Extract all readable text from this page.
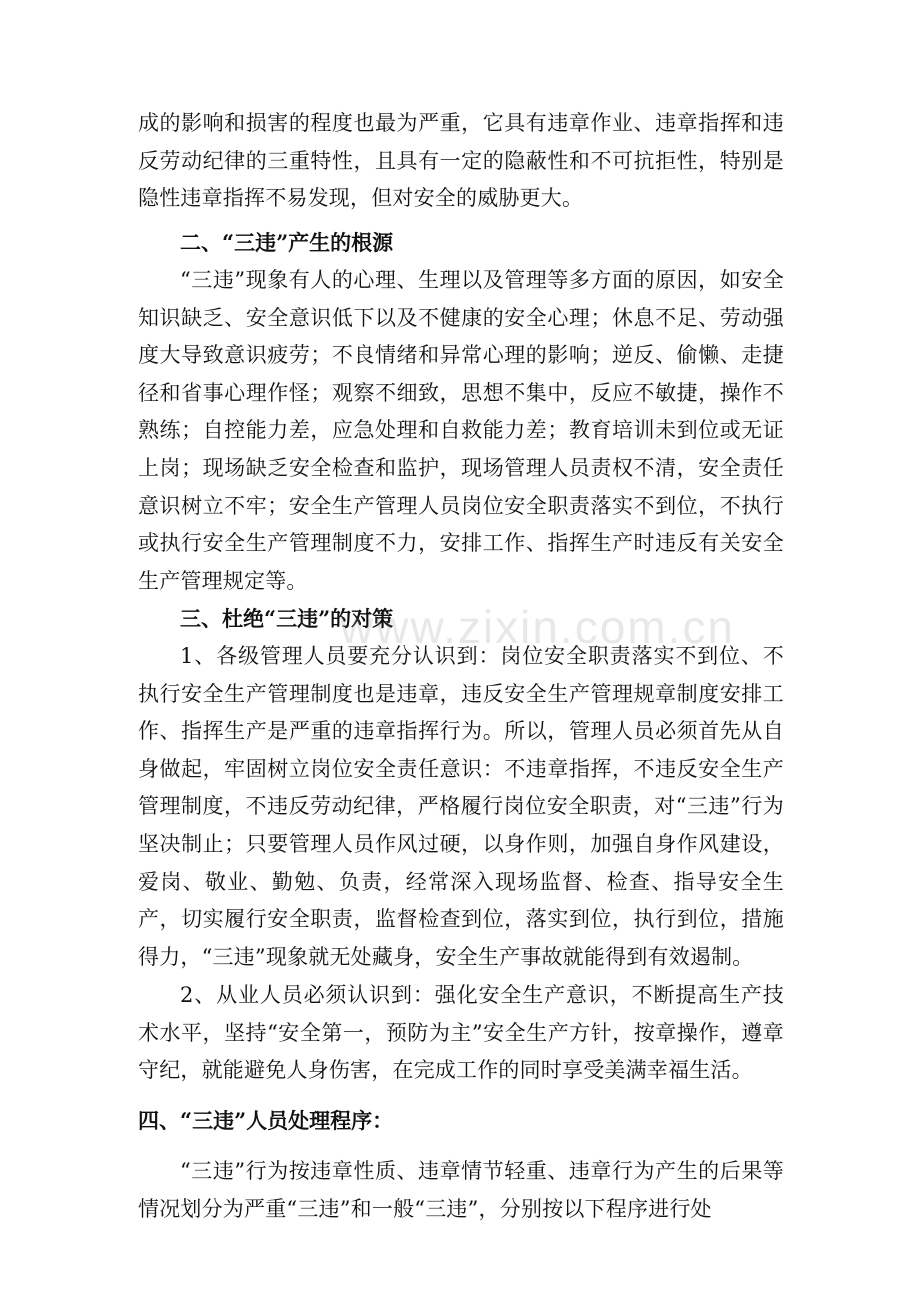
成的影响和损害的程度也最为严重，它具有违章作业、违章指挥和违反劳动纪律的三重特性，且具有一定的隐蔽性和不可抗拒性，特别是隐性违章指挥不易发现，但对安全的威胁更大。

二、“三违”产生的根源

“三违”现象有人的心理、生理以及管理等多方面的原因，如安全知识缺乏、安全意识低下以及不健康的安全心理；休息不足、劳动强度大导致意识疲劳；不良情绪和异常心理的影响；逆反、偷懒、走捷径和省事心理作怪；观察不细致，思想不集中，反应不敏捷，操作不熟练；自控能力差，应急处理和自救能力差；教育培训未到位或无证上岗；现场缺乏安全检查和监护，现场管理人员责权不清，安全责任意识树立不牢；安全生产管理人员岗位安全职责落实不到位，不执行或执行安全生产管理制度不力，安排工作、指挥生产时违反有关安全生产管理规定等。

三、杜绝“三违”的对策

1、各级管理人员要充分认识到：岗位安全职责落实不到位、不执行安全生产管理制度也是违章，违反安全生产管理规章制度安排工作、指挥生产是严重的违章指挥行为。所以，管理人员必须首先从自身做起，牢固树立岗位安全责任意识：不违章指挥，不违反安全生产管理制度，不违反劳动纪律，严格履行岗位安全职责，对“三违”行为坚决制止；只要管理人员作风过硬，以身作则，加强自身作风建设，爱岗、敬业、勤勉、负责，经常深入现场监督、检查、指导安全生产，切实履行安全职责，监督检查到位，落实到位，执行到位，措施得力，“三违”现象就无处藏身，安全生产事故就能得到有效遏制。

2、从业人员必须认识到：强化安全生产意识，不断提高生产技术水平，坚持“安全第一，预防为主”安全生产方针，按章操作，遵章守纪，就能避免人身伤害，在完成工作的同时享受美满幸福生活。

四、“三违”人员处理程序：

“三违”行为按违章性质、违章情节轻重、违章行为产生的后果等情况划分为严重“三违”和一般“三违”，分别按以下程序进行处

www.zixin.com.cn
